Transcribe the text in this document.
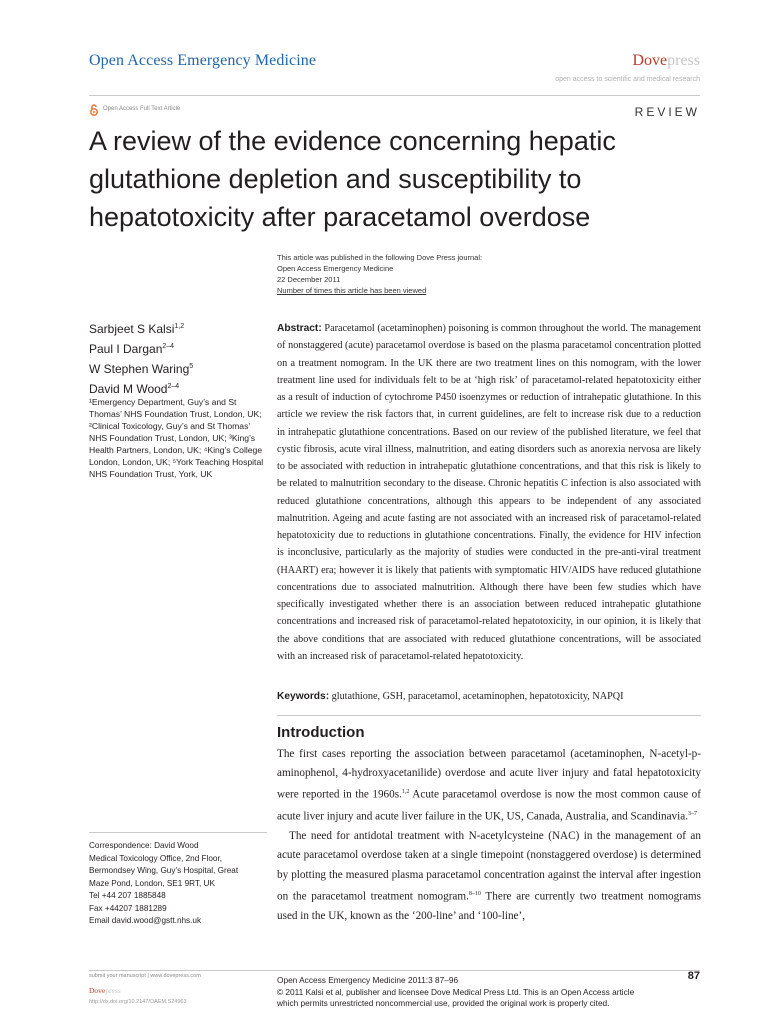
Open Access Emergency Medicine	Dovepress
open access to scientific and medical research
Open Access Full Text Article	REVIEW
A review of the evidence concerning hepatic glutathione depletion and susceptibility to hepatotoxicity after paracetamol overdose
This article was published in the following Dove Press journal:
Open Access Emergency Medicine
22 December 2011
Number of times this article has been viewed
Sarbjeet S Kalsi$^{1,2}$
Paul I Dargan$^{2-4}$
W Stephen Waring$^5$
David M Wood$^{2-4}$
¹Emergency Department, Guy’s and St Thomas’ NHS Foundation Trust, London, UK; ²Clinical Toxicology, Guy’s and St Thomas’ NHS Foundation Trust, London, UK; ³King’s Health Partners, London, UK; ⁴King’s College London, London, UK; ⁵York Teaching Hospital NHS Foundation Trust, York, UK
Abstract: Paracetamol (acetaminophen) poisoning is common throughout the world. The management of nonstaggered (acute) paracetamol overdose is based on the plasma paracetamol concentration plotted on a treatment nomogram. In the UK there are two treatment lines on this nomogram, with the lower treatment line used for individuals felt to be at ‘high risk’ of paracetamol-related hepatotoxicity either as a result of induction of cytochrome P450 isoenzymes or reduction of intrahepatic glutathione. In this article we review the risk factors that, in current guidelines, are felt to increase risk due to a reduction in intrahepatic glutathione concentrations. Based on our review of the published literature, we feel that cystic fibrosis, acute viral illness, malnutrition, and eating disorders such as anorexia nervosa are likely to be associated with reduction in intrahepatic glutathione concentrations, and that this risk is likely to be related to malnutrition secondary to the disease. Chronic hepatitis C infection is also associated with reduced glutathione concentrations, although this appears to be independent of any associated malnutrition. Ageing and acute fasting are not associated with an increased risk of paracetamol-related hepatotoxicity due to reductions in glutathione concentrations. Finally, the evidence for HIV infection is inconclusive, particularly as the majority of studies were conducted in the pre-anti-viral treatment (HAART) era; however it is likely that patients with symptomatic HIV/AIDS have reduced glutathione concentrations due to associated malnutrition. Although there have been few studies which have specifically investigated whether there is an association between reduced intrahepatic glutathione concentrations and increased risk of paracetamol-related hepatotoxicity, in our opinion, it is likely that the above conditions that are associated with reduced glutathione concentrations, will be associated with an increased risk of paracetamol-related hepatotoxicity.
Keywords: glutathione, GSH, paracetamol, acetaminophen, hepatotoxicity, NAPQI
Introduction

The first cases reporting the association between paracetamol (acetaminophen, N-acetyl-p-aminophenol, 4-hydroxyacetanilide) overdose and acute liver injury and fatal hepatotoxicity were reported in the 1960s.$^{1,2}$ Acute paracetamol overdose is now the most common cause of acute liver injury and acute liver failure in the UK, US, Canada, Australia, and Scandinavia.$^{3-7}$

The need for antidotal treatment with N-acetylcysteine (NAC) in the management of an acute paracetamol overdose taken at a single timepoint (nonstaggered overdose) is determined by plotting the measured plasma paracetamol concentration against the interval after ingestion on the paracetamol treatment nomogram.$^{8-10}$ There are currently two treatment nomograms used in the UK, known as the ‘200-line’ and ‘100-line’,

Correspondence: David Wood
Medical Toxicology Office, 2nd Floor,
Bermondsey Wing, Guy’s Hospital, Great
Maze Pond, London, SE1 9RT, UK
Tel +44 207 1885848
Fax +44207 1881289
Email david.wood@gstt.nhs.uk
submit your manuscript | www.dovepress.com
Dovepress
http://dx.doi.org/10.2147/OAEM.S24963
Open Access Emergency Medicine 2011:3 87–96
© 2011 Kalsi et al, publisher and licensee Dove Medical Press Ltd. This is an Open Access article
which permits unrestricted noncommercial use, provided the original work is properly cited.
87
